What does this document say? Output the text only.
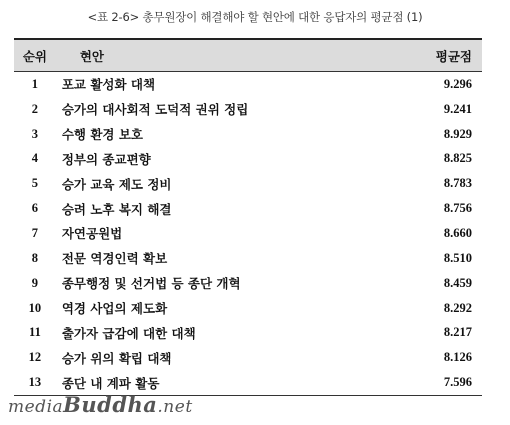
<표 2-6> 총무원장이 해결해야 할 현안에 대한 응답자의 평균점 (1)
순위	현안	평균점
1	포교 활성화 대책	9.296
2	승가의 대사회적 도덕적 권위 정립	9.241
3	수행 환경 보호	8.929
4	정부의 종교편향	8.825
5	승가 교육 제도 정비	8.783
6	승려 노후 복지 해결	8.756
7	자연공원법	8.660
8	전문 역경인력 확보	8.510
9	종무행정 및 선거법 등 종단 개혁	8.459
10	역경 사업의 제도화	8.292
11	출가자 급감에 대한 대책	8.217
12	승가 위의 확립 대책	8.126
13	종단 내 계파 활동	7.596
mediaBuddha.net
